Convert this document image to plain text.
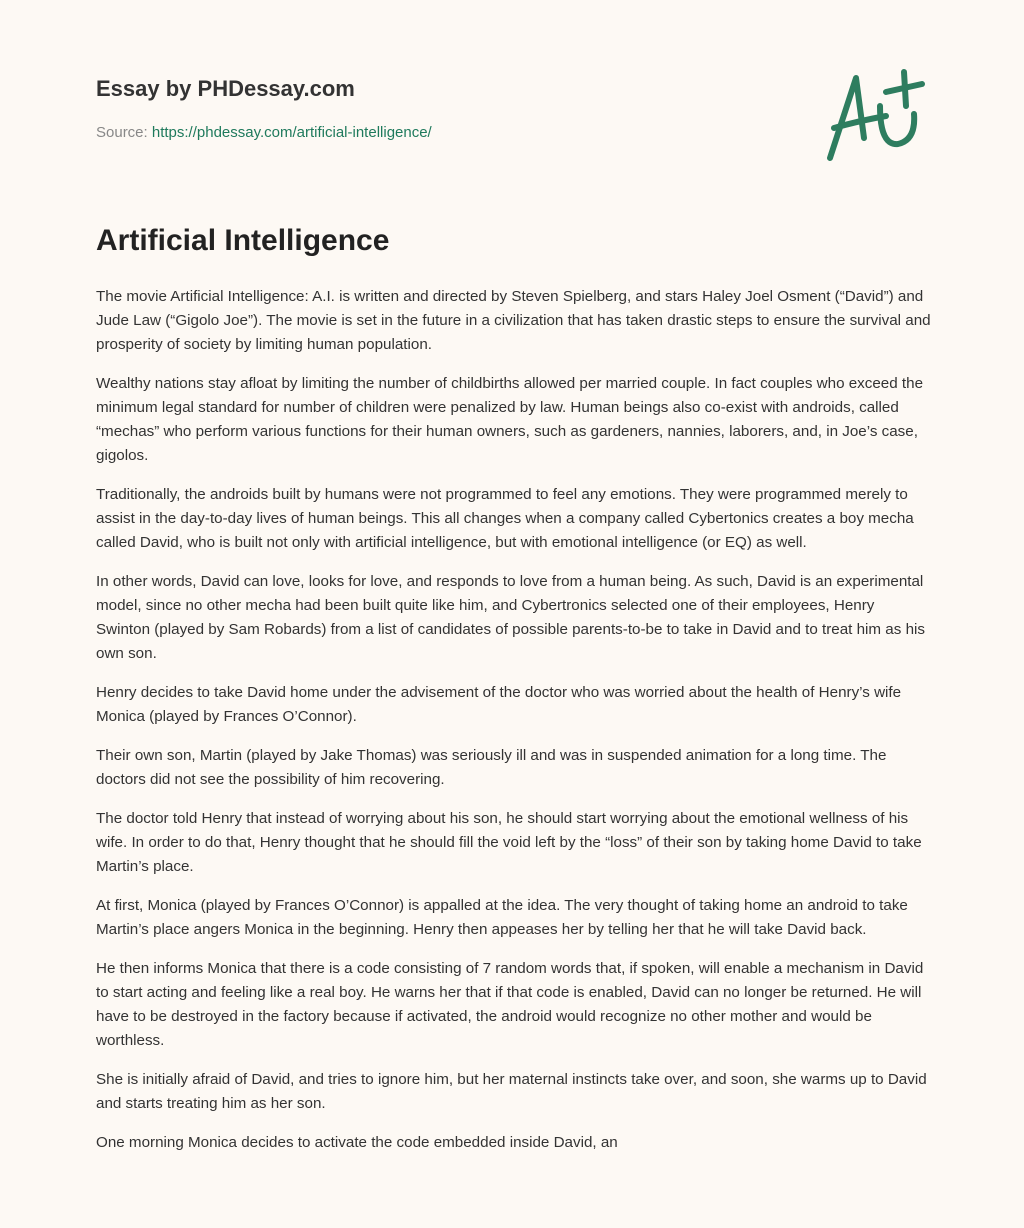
Essay by PHDessay.com
Source: https://phdessay.com/artificial-intelligence/
Artificial Intelligence

The movie Artificial Intelligence: A.I. is written and directed by Steven Spielberg, and stars Haley Joel Osment (“David”) and Jude Law (“Gigolo Joe”). The movie is set in the future in a civilization that has taken drastic steps to ensure the survival and prosperity of society by limiting human population.

Wealthy nations stay afloat by limiting the number of childbirths allowed per married couple. In fact couples who exceed the minimum legal standard for number of children were penalized by law. Human beings also co-exist with androids, called “mechas” who perform various functions for their human owners, such as gardeners, nannies, laborers, and, in Joe’s case, gigolos.

Traditionally, the androids built by humans were not programmed to feel any emotions. They were programmed merely to assist in the day-to-day lives of human beings. This all changes when a company called Cybertonics creates a boy mecha called David, who is built not only with artificial intelligence, but with emotional intelligence (or EQ) as well.

In other words, David can love, looks for love, and responds to love from a human being. As such, David is an experimental model, since no other mecha had been built quite like him, and Cybertronics selected one of their employees, Henry Swinton (played by Sam Robards) from a list of candidates of possible parents-to-be to take in David and to treat him as his own son.

Henry decides to take David home under the advisement of the doctor who was worried about the health of Henry’s wife Monica (played by Frances O’Connor).

Their own son, Martin (played by Jake Thomas) was seriously ill and was in suspended animation for a long time. The doctors did not see the possibility of him recovering.

The doctor told Henry that instead of worrying about his son, he should start worrying about the emotional wellness of his wife. In order to do that, Henry thought that he should fill the void left by the “loss” of their son by taking home David to take Martin’s place.

At first, Monica (played by Frances O’Connor) is appalled at the idea. The very thought of taking home an android to take Martin’s place angers Monica in the beginning. Henry then appeases her by telling her that he will take David back.

He then informs Monica that there is a code consisting of 7 random words that, if spoken, will enable a mechanism in David to start acting and feeling like a real boy. He warns her that if that code is enabled, David can no longer be returned. He will have to be destroyed in the factory because if activated, the android would recognize no other mother and would be worthless.

She is initially afraid of David, and tries to ignore him, but her maternal instincts take over, and soon, she warms up to David and starts treating him as her son.

One morning Monica decides to activate the code embedded inside David, an
